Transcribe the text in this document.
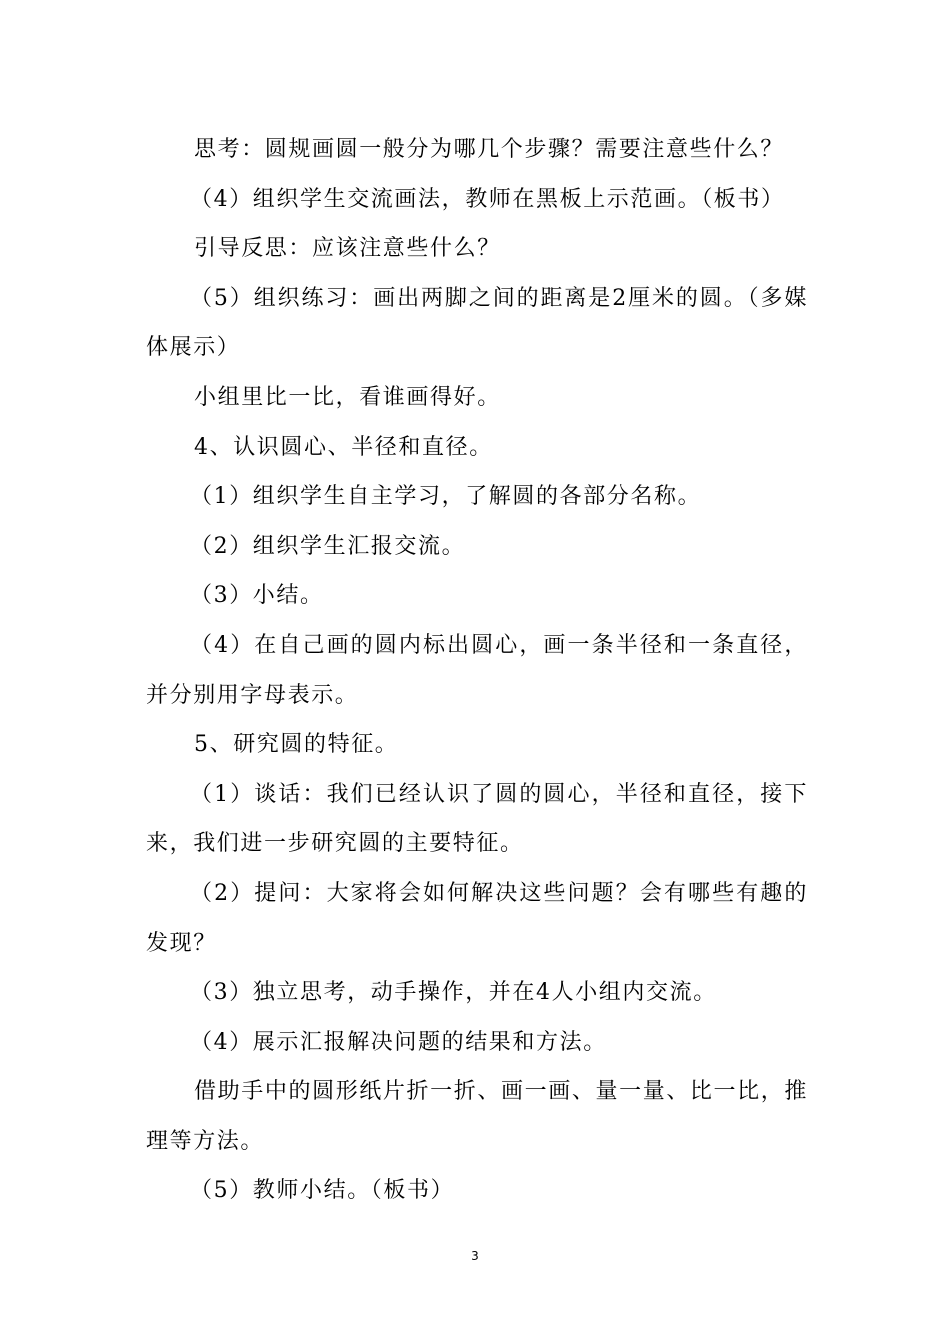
思考：圆规画圆一般分为哪几个步骤？需要注意些什么？

（4）组织学生交流画法，教师在黑板上示范画。（板书）

引导反思：应该注意些什么？

（5）组织练习：画出两脚之间的距离是2厘米的圆。（多媒体展示）

小组里比一比，看谁画得好。

4、认识圆心、半径和直径。

（1）组织学生自主学习，了解圆的各部分名称。

（2）组织学生汇报交流。

（3）小结。

（4）在自己画的圆内标出圆心，画一条半径和一条直径，并分别用字母表示。

5、研究圆的特征。

（1）谈话：我们已经认识了圆的圆心，半径和直径，接下来，我们进一步研究圆的主要特征。

（2）提问：大家将会如何解决这些问题？会有哪些有趣的发现？

（3）独立思考，动手操作，并在4人小组内交流。

（4）展示汇报解决问题的结果和方法。

借助手中的圆形纸片折一折、画一画、量一量、比一比，推理等方法。

（5）教师小结。（板书）

3
